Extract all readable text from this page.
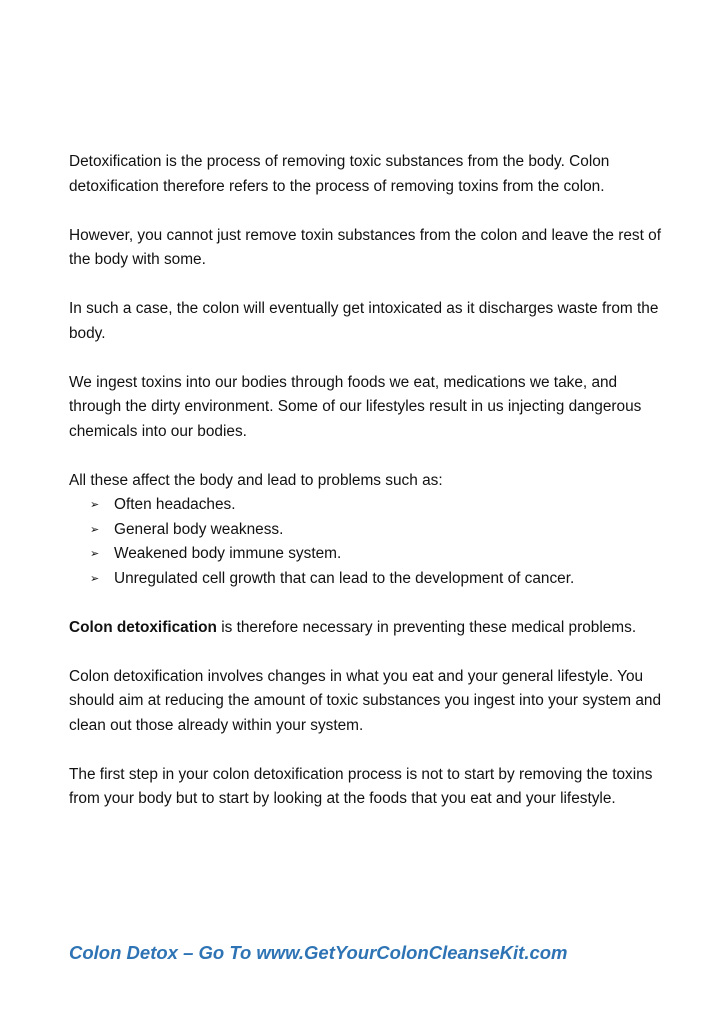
Detoxification is the process of removing toxic substances from the body. Colon detoxification therefore refers to the process of removing toxins from the colon.

However, you cannot just remove toxin substances from the colon and leave the rest of the body with some.

In such a case, the colon will eventually get intoxicated as it discharges waste from the body.

We ingest toxins into our bodies through foods we eat, medications we take, and through the dirty environment. Some of our lifestyles result in us injecting dangerous chemicals into our bodies.

All these affect the body and lead to problems such as:

➢ Often headaches.
➢ General body weakness.
➢ Weakened body immune system.
➢ Unregulated cell growth that can lead to the development of cancer.

Colon detoxification is therefore necessary in preventing these medical problems.

Colon detoxification involves changes in what you eat and your general lifestyle. You should aim at reducing the amount of toxic substances you ingest into your system and clean out those already within your system.

The first step in your colon detoxification process is not to start by removing the toxins from your body but to start by looking at the foods that you eat and your lifestyle.

Colon Detox – Go To www.GetYourColonCleanseKit.com
